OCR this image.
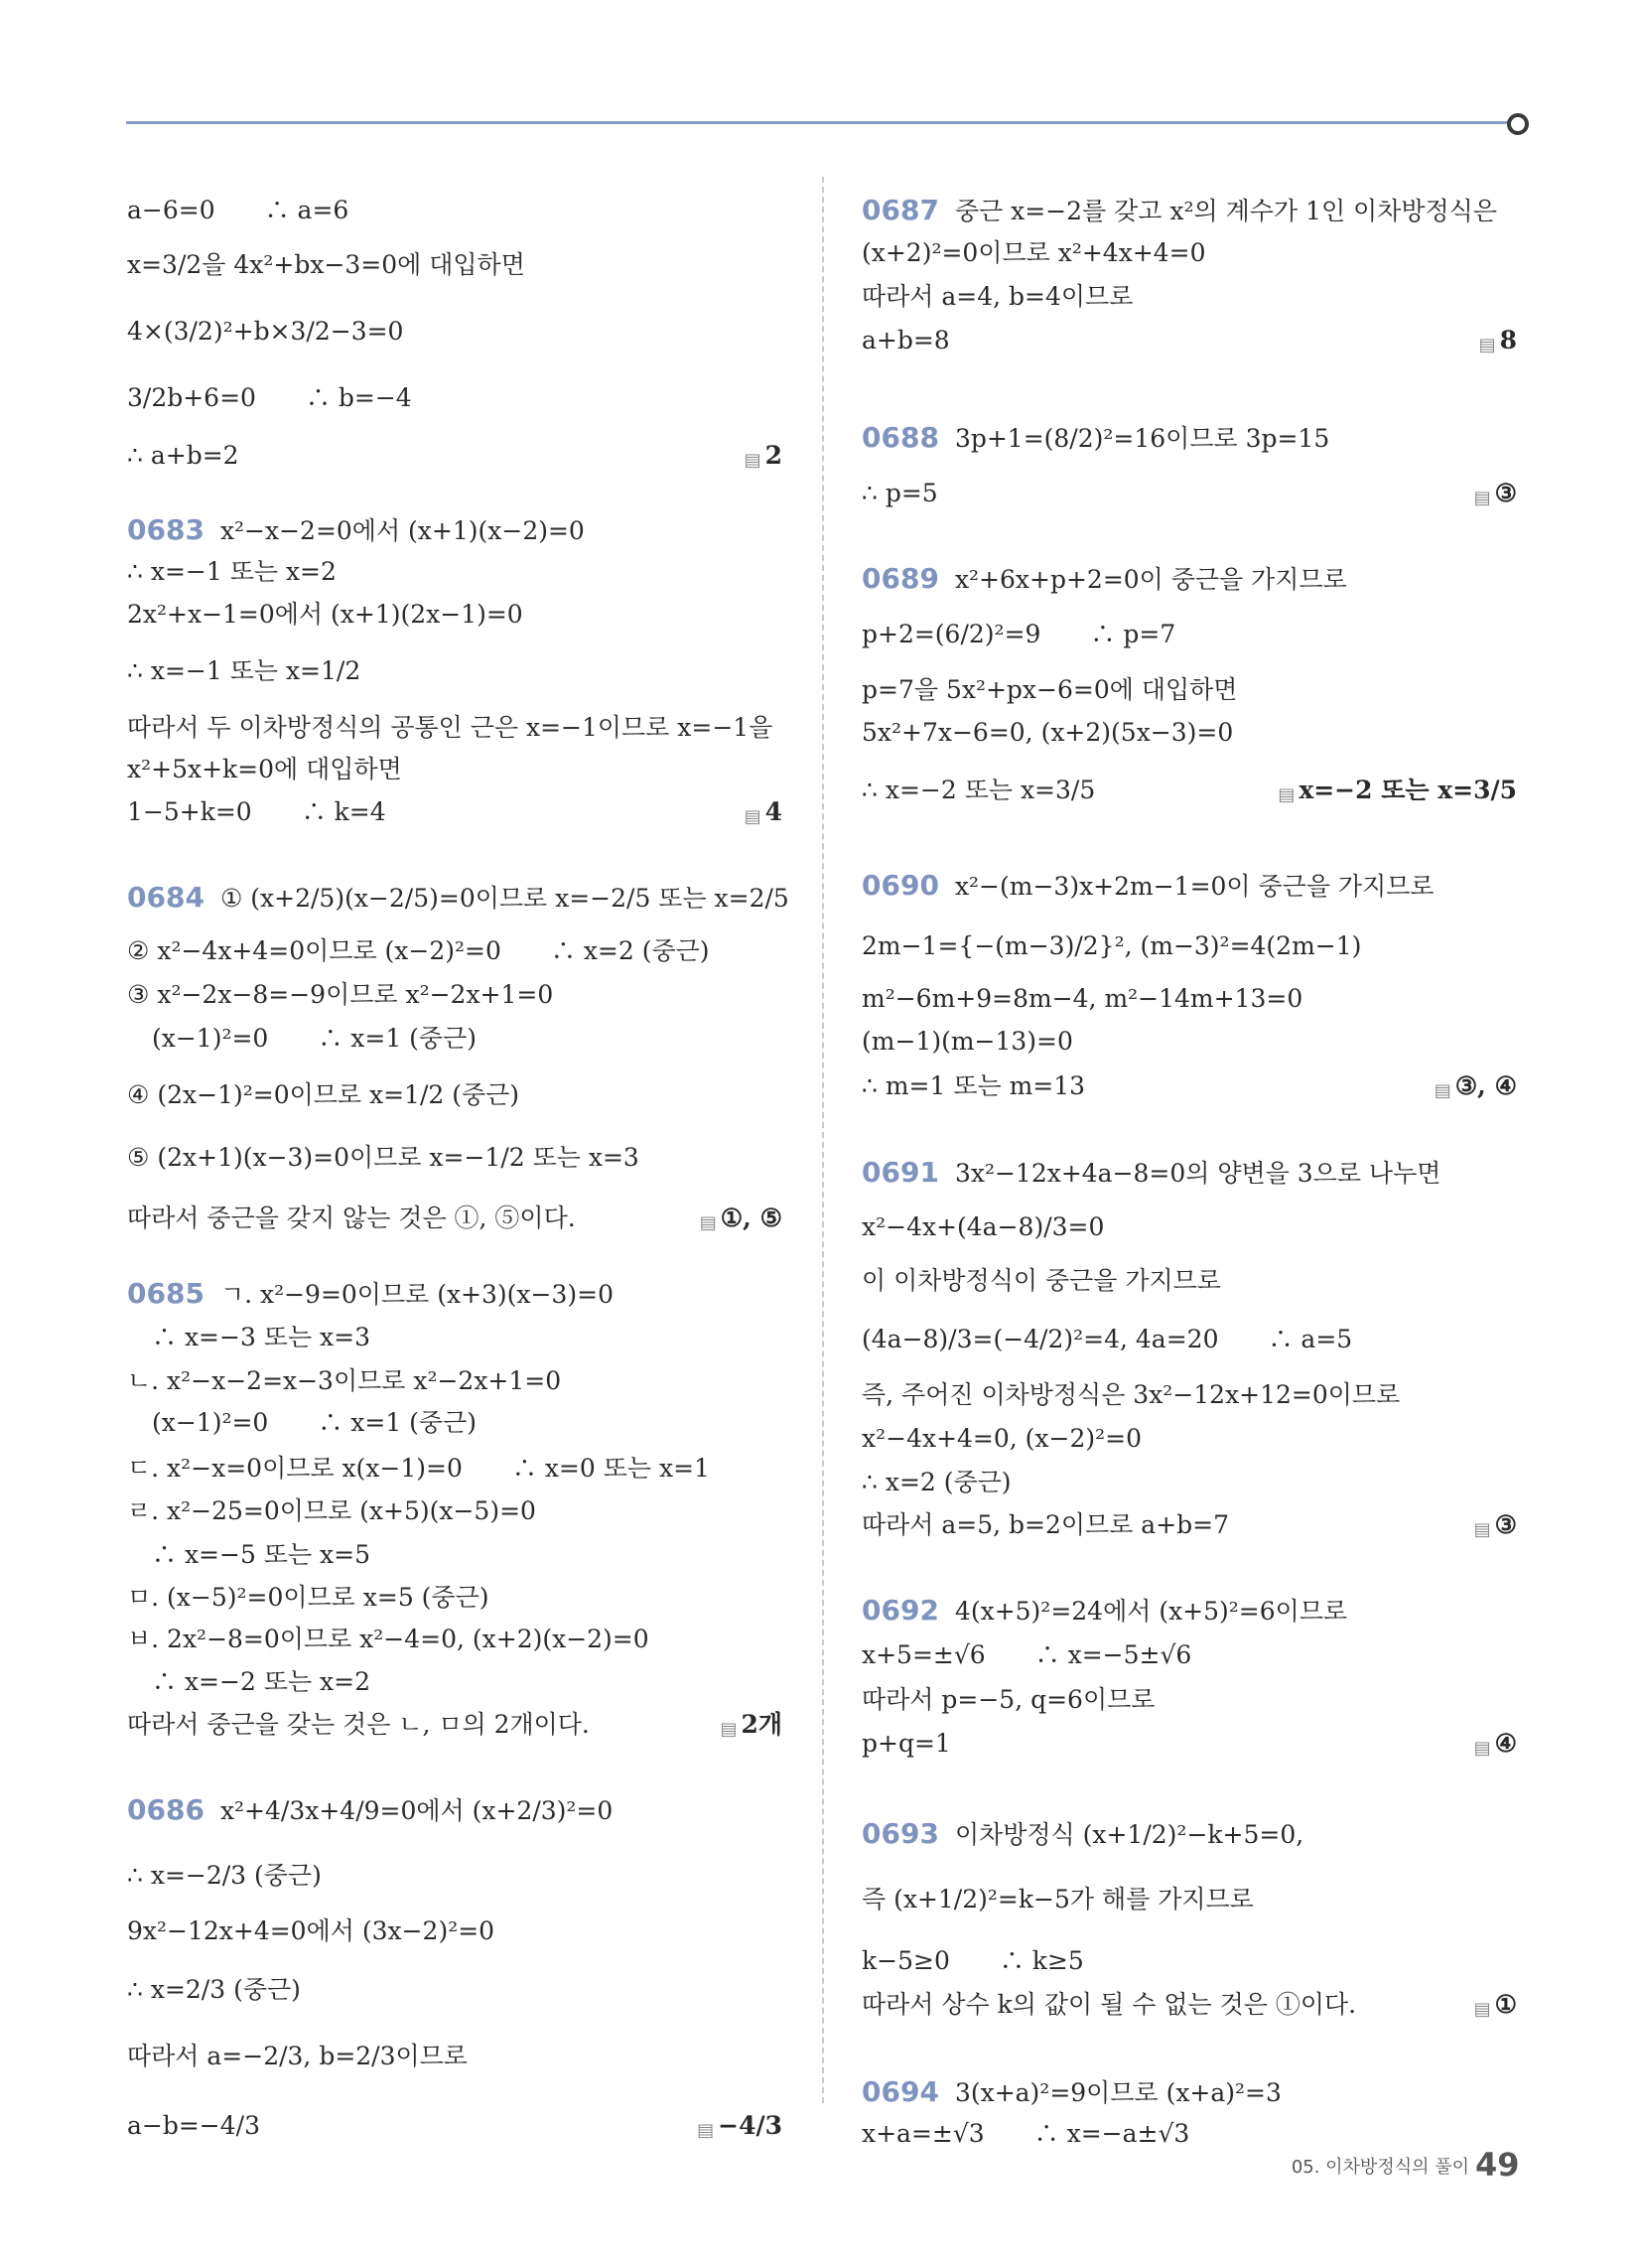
a−6=0　　∴ a=6
x=3/2을 4x²+bx−3=0에 대입하면
4×(3/2)²+b×3/2−3=0
3/2b+6=0　　∴ b=−4
∴ a+b=2	▤ 2
0683 x²−x−2=0에서 (x+1)(x−2)=0
∴ x=−1 또는 x=2
2x²+x−1=0에서 (x+1)(2x−1)=0
∴ x=−1 또는 x=1/2
따라서 두 이차방정식의 공통인 근은 x=−1이므로 x=−1을
x²+5x+k=0에 대입하면
1−5+k=0　　∴ k=4	▤ 4
0684 ① (x+2/5)(x−2/5)=0이므로 x=−2/5 또는 x=2/5
② x²−4x+4=0이므로 (x−2)²=0　　∴ x=2 (중근)
③ x²−2x−8=−9이므로 x²−2x+1=0
　(x−1)²=0　　∴ x=1 (중근)
④ (2x−1)²=0이므로 x=1/2 (중근)
⑤ (2x+1)(x−3)=0이므로 x=−1/2 또는 x=3
따라서 중근을 갖지 않는 것은 ①, ⑤이다.	▤ ①, ⑤
0685 ㄱ. x²−9=0이므로 (x+3)(x−3)=0
　∴ x=−3 또는 x=3
ㄴ. x²−x−2=x−3이므로 x²−2x+1=0
　(x−1)²=0　　∴ x=1 (중근)
ㄷ. x²−x=0이므로 x(x−1)=0　　∴ x=0 또는 x=1
ㄹ. x²−25=0이므로 (x+5)(x−5)=0
　∴ x=−5 또는 x=5
ㅁ. (x−5)²=0이므로 x=5 (중근)
ㅂ. 2x²−8=0이므로 x²−4=0, (x+2)(x−2)=0
　∴ x=−2 또는 x=2
따라서 중근을 갖는 것은 ㄴ, ㅁ의 2개이다.	▤ 2개
0686 x²+4/3x+4/9=0에서 (x+2/3)²=0
∴ x=−2/3 (중근)
9x²−12x+4=0에서 (3x−2)²=0
∴ x=2/3 (중근)
따라서 a=−2/3, b=2/3이므로
a−b=−4/3	▤ −4/3
0687 중근 x=−2를 갖고 x²의 계수가 1인 이차방정식은
(x+2)²=0이므로 x²+4x+4=0
따라서 a=4, b=4이므로
a+b=8	▤ 8
0688 3p+1=(8/2)²=16이므로 3p=15
∴ p=5	▤ ③
0689 x²+6x+p+2=0이 중근을 가지므로
p+2=(6/2)²=9　　∴ p=7
p=7을 5x²+px−6=0에 대입하면
5x²+7x−6=0, (x+2)(5x−3)=0
∴ x=−2 또는 x=3/5	▤ x=−2 또는 x=3/5
0690 x²−(m−3)x+2m−1=0이 중근을 가지므로
2m−1={−(m−3)/2}², (m−3)²=4(2m−1)
m²−6m+9=8m−4, m²−14m+13=0
(m−1)(m−13)=0
∴ m=1 또는 m=13	▤ ③, ④
0691 3x²−12x+4a−8=0의 양변을 3으로 나누면
x²−4x+(4a−8)/3=0
이 이차방정식이 중근을 가지므로
(4a−8)/3=(−4/2)²=4, 4a=20　　∴ a=5
즉, 주어진 이차방정식은 3x²−12x+12=0이므로
x²−4x+4=0, (x−2)²=0
∴ x=2 (중근)
따라서 a=5, b=2이므로 a+b=7	▤ ③
0692 4(x+5)²=24에서 (x+5)²=6이므로
x+5=±√6　　∴ x=−5±√6
따라서 p=−5, q=6이므로
p+q=1	▤ ④
0693 이차방정식 (x+1/2)²−k+5=0,
즉 (x+1/2)²=k−5가 해를 가지므로
k−5≥0　　∴ k≥5
따라서 상수 k의 값이 될 수 없는 것은 ①이다.	▤ ①
0694 3(x+a)²=9이므로 (x+a)²=3
x+a=±√3　　∴ x=−a±√3
05. 이차방정식의 풀이 49
